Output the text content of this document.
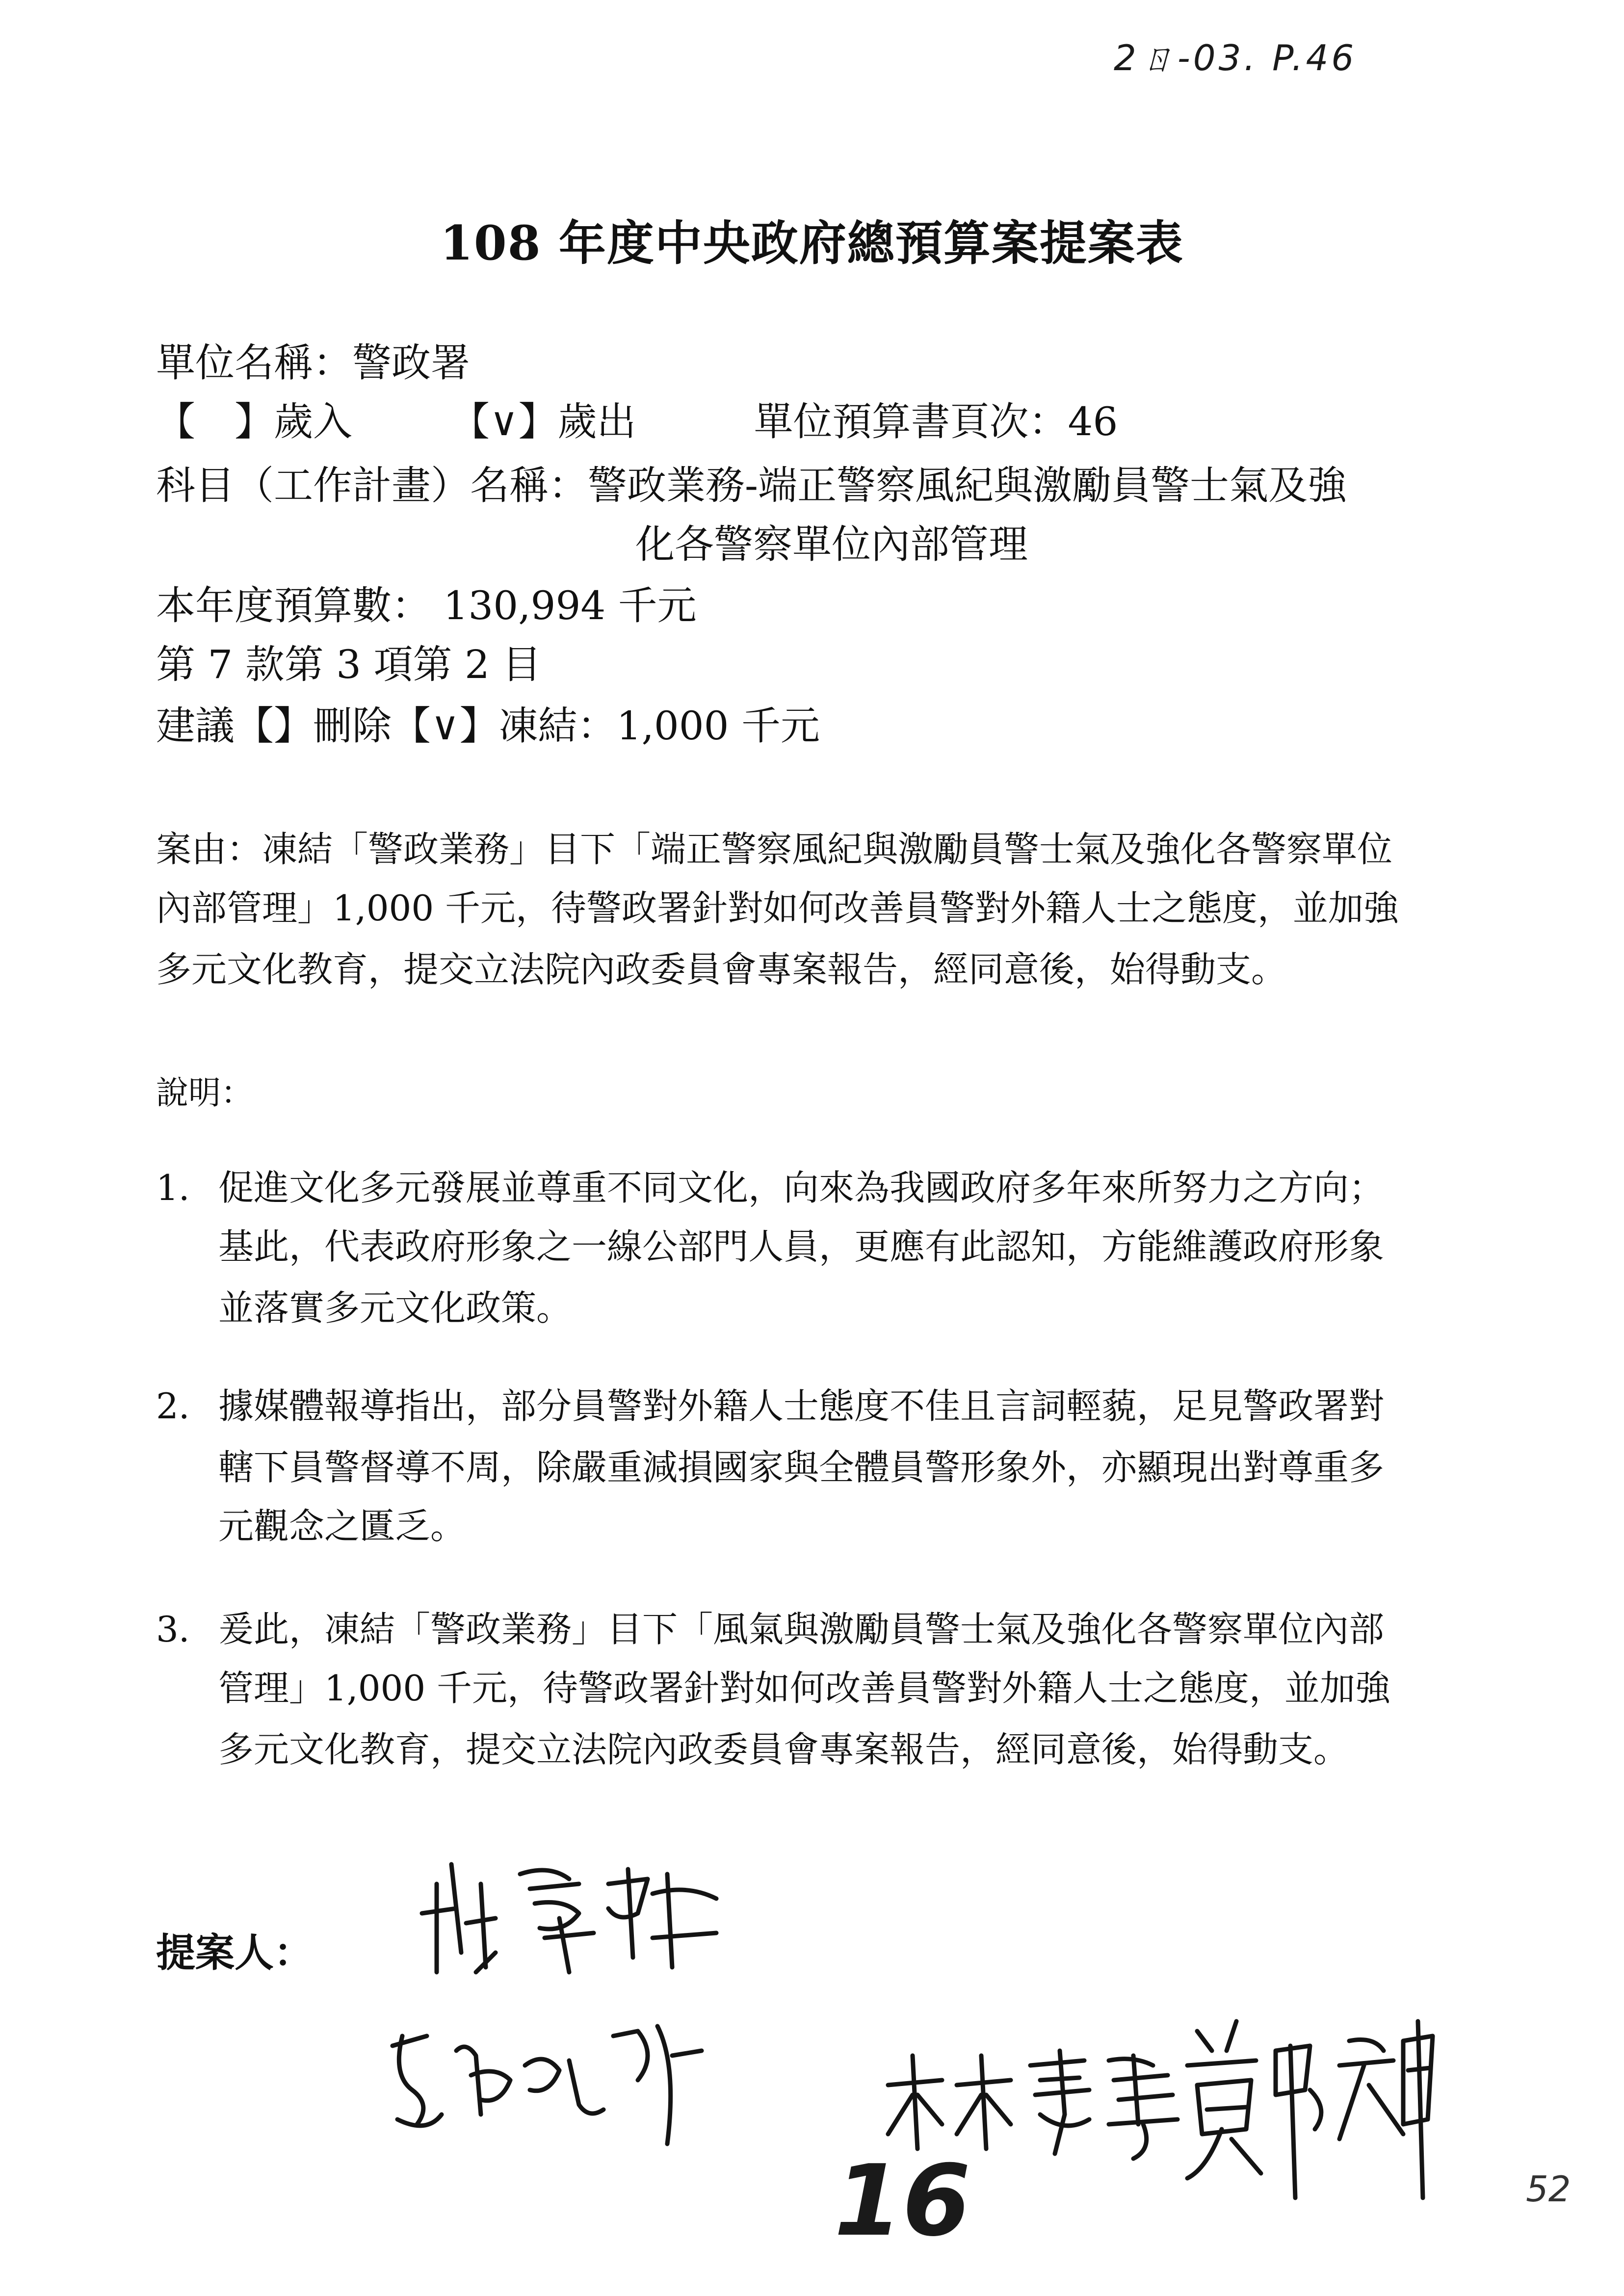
2ㄖ-03. P.46
108 年度中央政府總預算案提案表
單位名稱：警政署
【　】歲入　　　【∨】歲出　　　單位預算書頁次：46
科目（工作計畫）名稱：警政業務-端正警察風紀與激勵員警士氣及強
化各警察單位內部管理
本年度預算數： 130,994 千元
第 7 款第 3 項第 2 目
建議【】刪除【∨】凍結：1,000 千元
案由：凍結「警政業務」目下「端正警察風紀與激勵員警士氣及強化各警察單位
內部管理」1,000 千元，待警政署針對如何改善員警對外籍人士之態度，並加強
多元文化教育，提交立法院內政委員會專案報告，經同意後，始得動支。
說明：
1. 促進文化多元發展並尊重不同文化，向來為我國政府多年來所努力之方向；
基此，代表政府形象之一線公部門人員，更應有此認知，方能維護政府形象
並落實多元文化政策。
2. 據媒體報導指出，部分員警對外籍人士態度不佳且言詞輕藐，足見警政署對
轄下員警督導不周，除嚴重減損國家與全體員警形象外，亦顯現出對尊重多
元觀念之匱乏。
3. 爰此，凍結「警政業務」目下「風氣與激勵員警士氣及強化各警察單位內部
管理」1,000 千元，待警政署針對如何改善員警對外籍人士之態度，並加強
多元文化教育，提交立法院內政委員會專案報告，經同意後，始得動支。
提案人：
16	52
